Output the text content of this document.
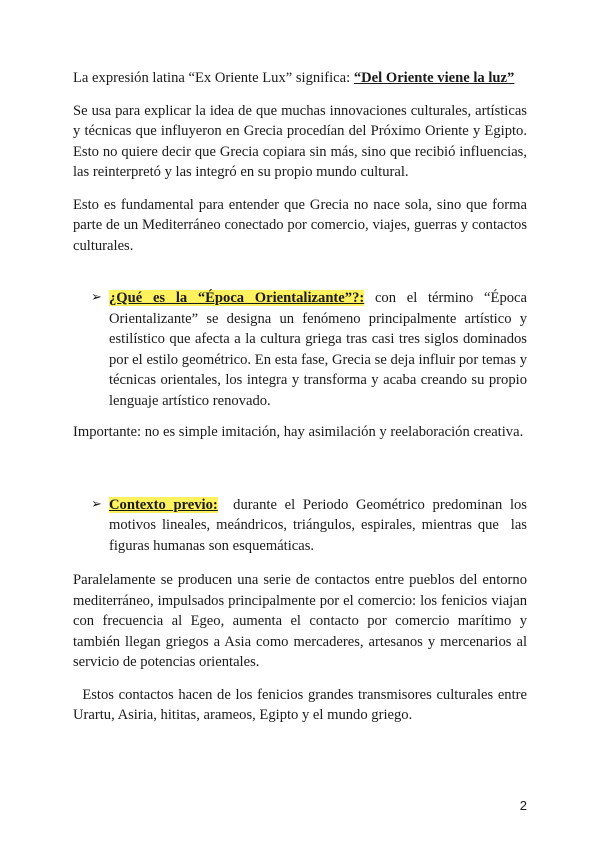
La expresión latina “Ex Oriente Lux” significa: “Del Oriente viene la luz”

Se usa para explicar la idea de que muchas innovaciones culturales, artísticas y técnicas que influyeron en Grecia procedían del Próximo Oriente y Egipto. Esto no quiere decir que Grecia copiara sin más, sino que recibió influencias, las reinterpretó y las integró en su propio mundo cultural.

Esto es fundamental para entender que Grecia no nace sola, sino que forma parte de un Mediterráneo conectado por comercio, viajes, guerras y contactos culturales.

➢ ¿Qué es la “Época Orientalizante”?: con el término “Época Orientalizante” se designa un fenómeno principalmente artístico y estilístico que afecta a la cultura griega tras casi tres siglos dominados por el estilo geométrico. En esta fase, Grecia se deja influir por temas y técnicas orientales, los integra y transforma y acaba creando su propio lenguaje artístico renovado.

Importante: no es simple imitación, hay asimilación y reelaboración creativa.

➢ Contexto previo:  durante el Periodo Geométrico predominan los motivos lineales, meándricos, triángulos, espirales, mientras que  las figuras humanas son esquemáticas.

Paralelamente se producen una serie de contactos entre pueblos del entorno mediterráneo, impulsados principalmente por el comercio: los fenicios viajan con frecuencia al Egeo, aumenta el contacto por comercio marítimo y también llegan griegos a Asia como mercaderes, artesanos y mercenarios al servicio de potencias orientales.

Estos contactos hacen de los fenicios grandes transmisores culturales entre Urartu, Asiria, hititas, arameos, Egipto y el mundo griego.

2
